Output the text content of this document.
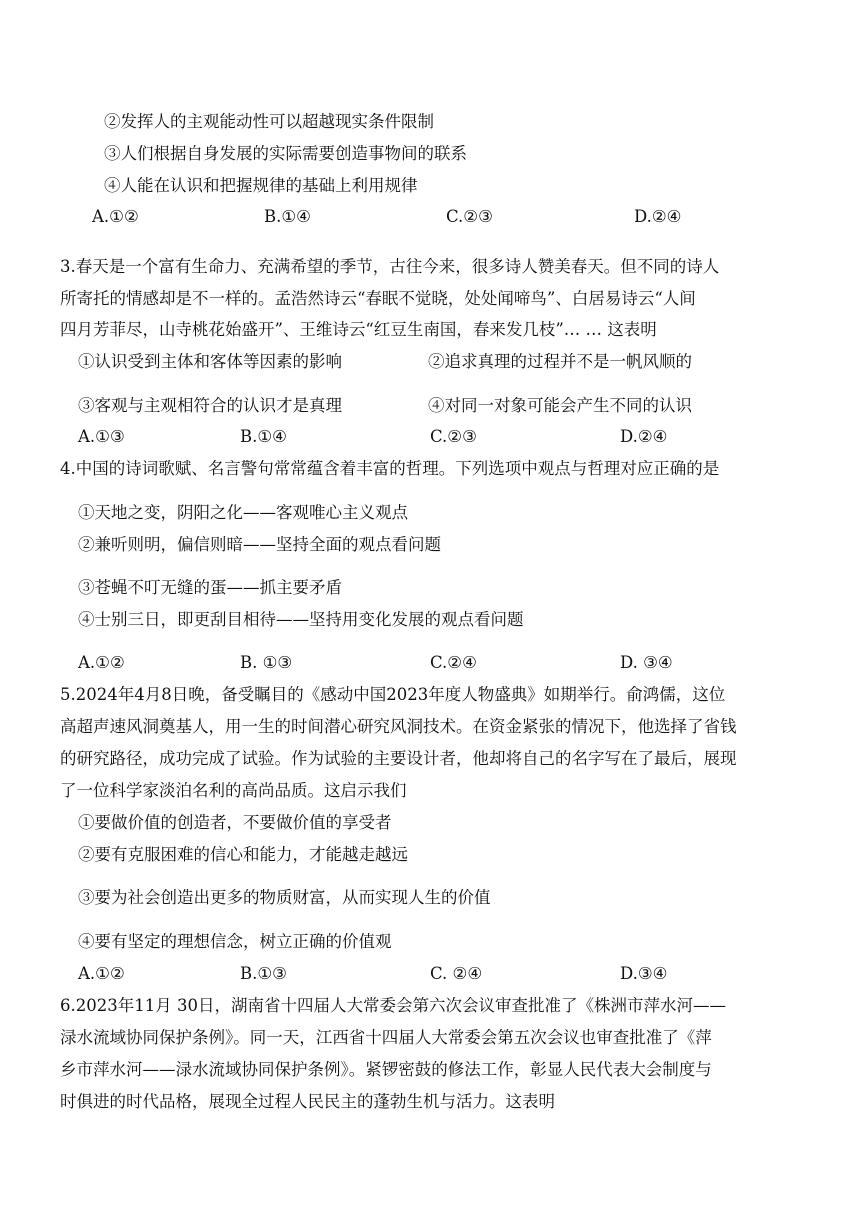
②发挥人的主观能动性可以超越现实条件限制
③人们根据自身发展的实际需要创造事物间的联系
④人能在认识和把握规律的基础上利用规律
A.①②	B.①④	C.②③	D.②④
3.春天是一个富有生命力、充满希望的季节，古往今来，很多诗人赞美春天。但不同的诗人
所寄托的情感却是不一样的。孟浩然诗云“春眠不觉晓，处处闻啼鸟”、白居易诗云“人间
四月芳菲尽，山寺桃花始盛开”、王维诗云“红豆生南国，春来发几枝”… … 这表明
①认识受到主体和客体等因素的影响	②追求真理的过程并不是一帆风顺的
③客观与主观相符合的认识才是真理	④对同一对象可能会产生不同的认识
A.①③	B.①④	C.②③	D.②④
4.中国的诗词歌赋、名言警句常常蕴含着丰富的哲理。下列选项中观点与哲理对应正确的是
①天地之变，阴阳之化——客观唯心主义观点
②兼听则明，偏信则暗——坚持全面的观点看问题
③苍蝇不叮无缝的蛋——抓主要矛盾
④士别三日，即更刮目相待——坚持用变化发展的观点看问题
A.①②	B. ①③	C.②④	D. ③④
5.2024年4月8日晚，备受瞩目的《感动中国2023年度人物盛典》如期举行。俞鸿儒，这位
高超声速风洞奠基人，用一生的时间潜心研究风洞技术。在资金紧张的情况下，他选择了省钱
的研究路径，成功完成了试验。作为试验的主要设计者，他却将自己的名字写在了最后，展现
了一位科学家淡泊名利的高尚品质。这启示我们
①要做价值的创造者，不要做价值的享受者
②要有克服困难的信心和能力，才能越走越远
③要为社会创造出更多的物质财富，从而实现人生的价值
④要有坚定的理想信念，树立正确的价值观
A.①②	B.①③	C. ②④	D.③④
6.2023年11月 30日，湖南省十四届人大常委会第六次会议审查批准了《株洲市萍水河——
渌水流域协同保护条例》。同一天，江西省十四届人大常委会第五次会议也审查批准了《萍
乡市萍水河——渌水流域协同保护条例》。紧锣密鼓的修法工作，彰显人民代表大会制度与
时俱进的时代品格，展现全过程人民民主的蓬勃生机与活力。这表明
